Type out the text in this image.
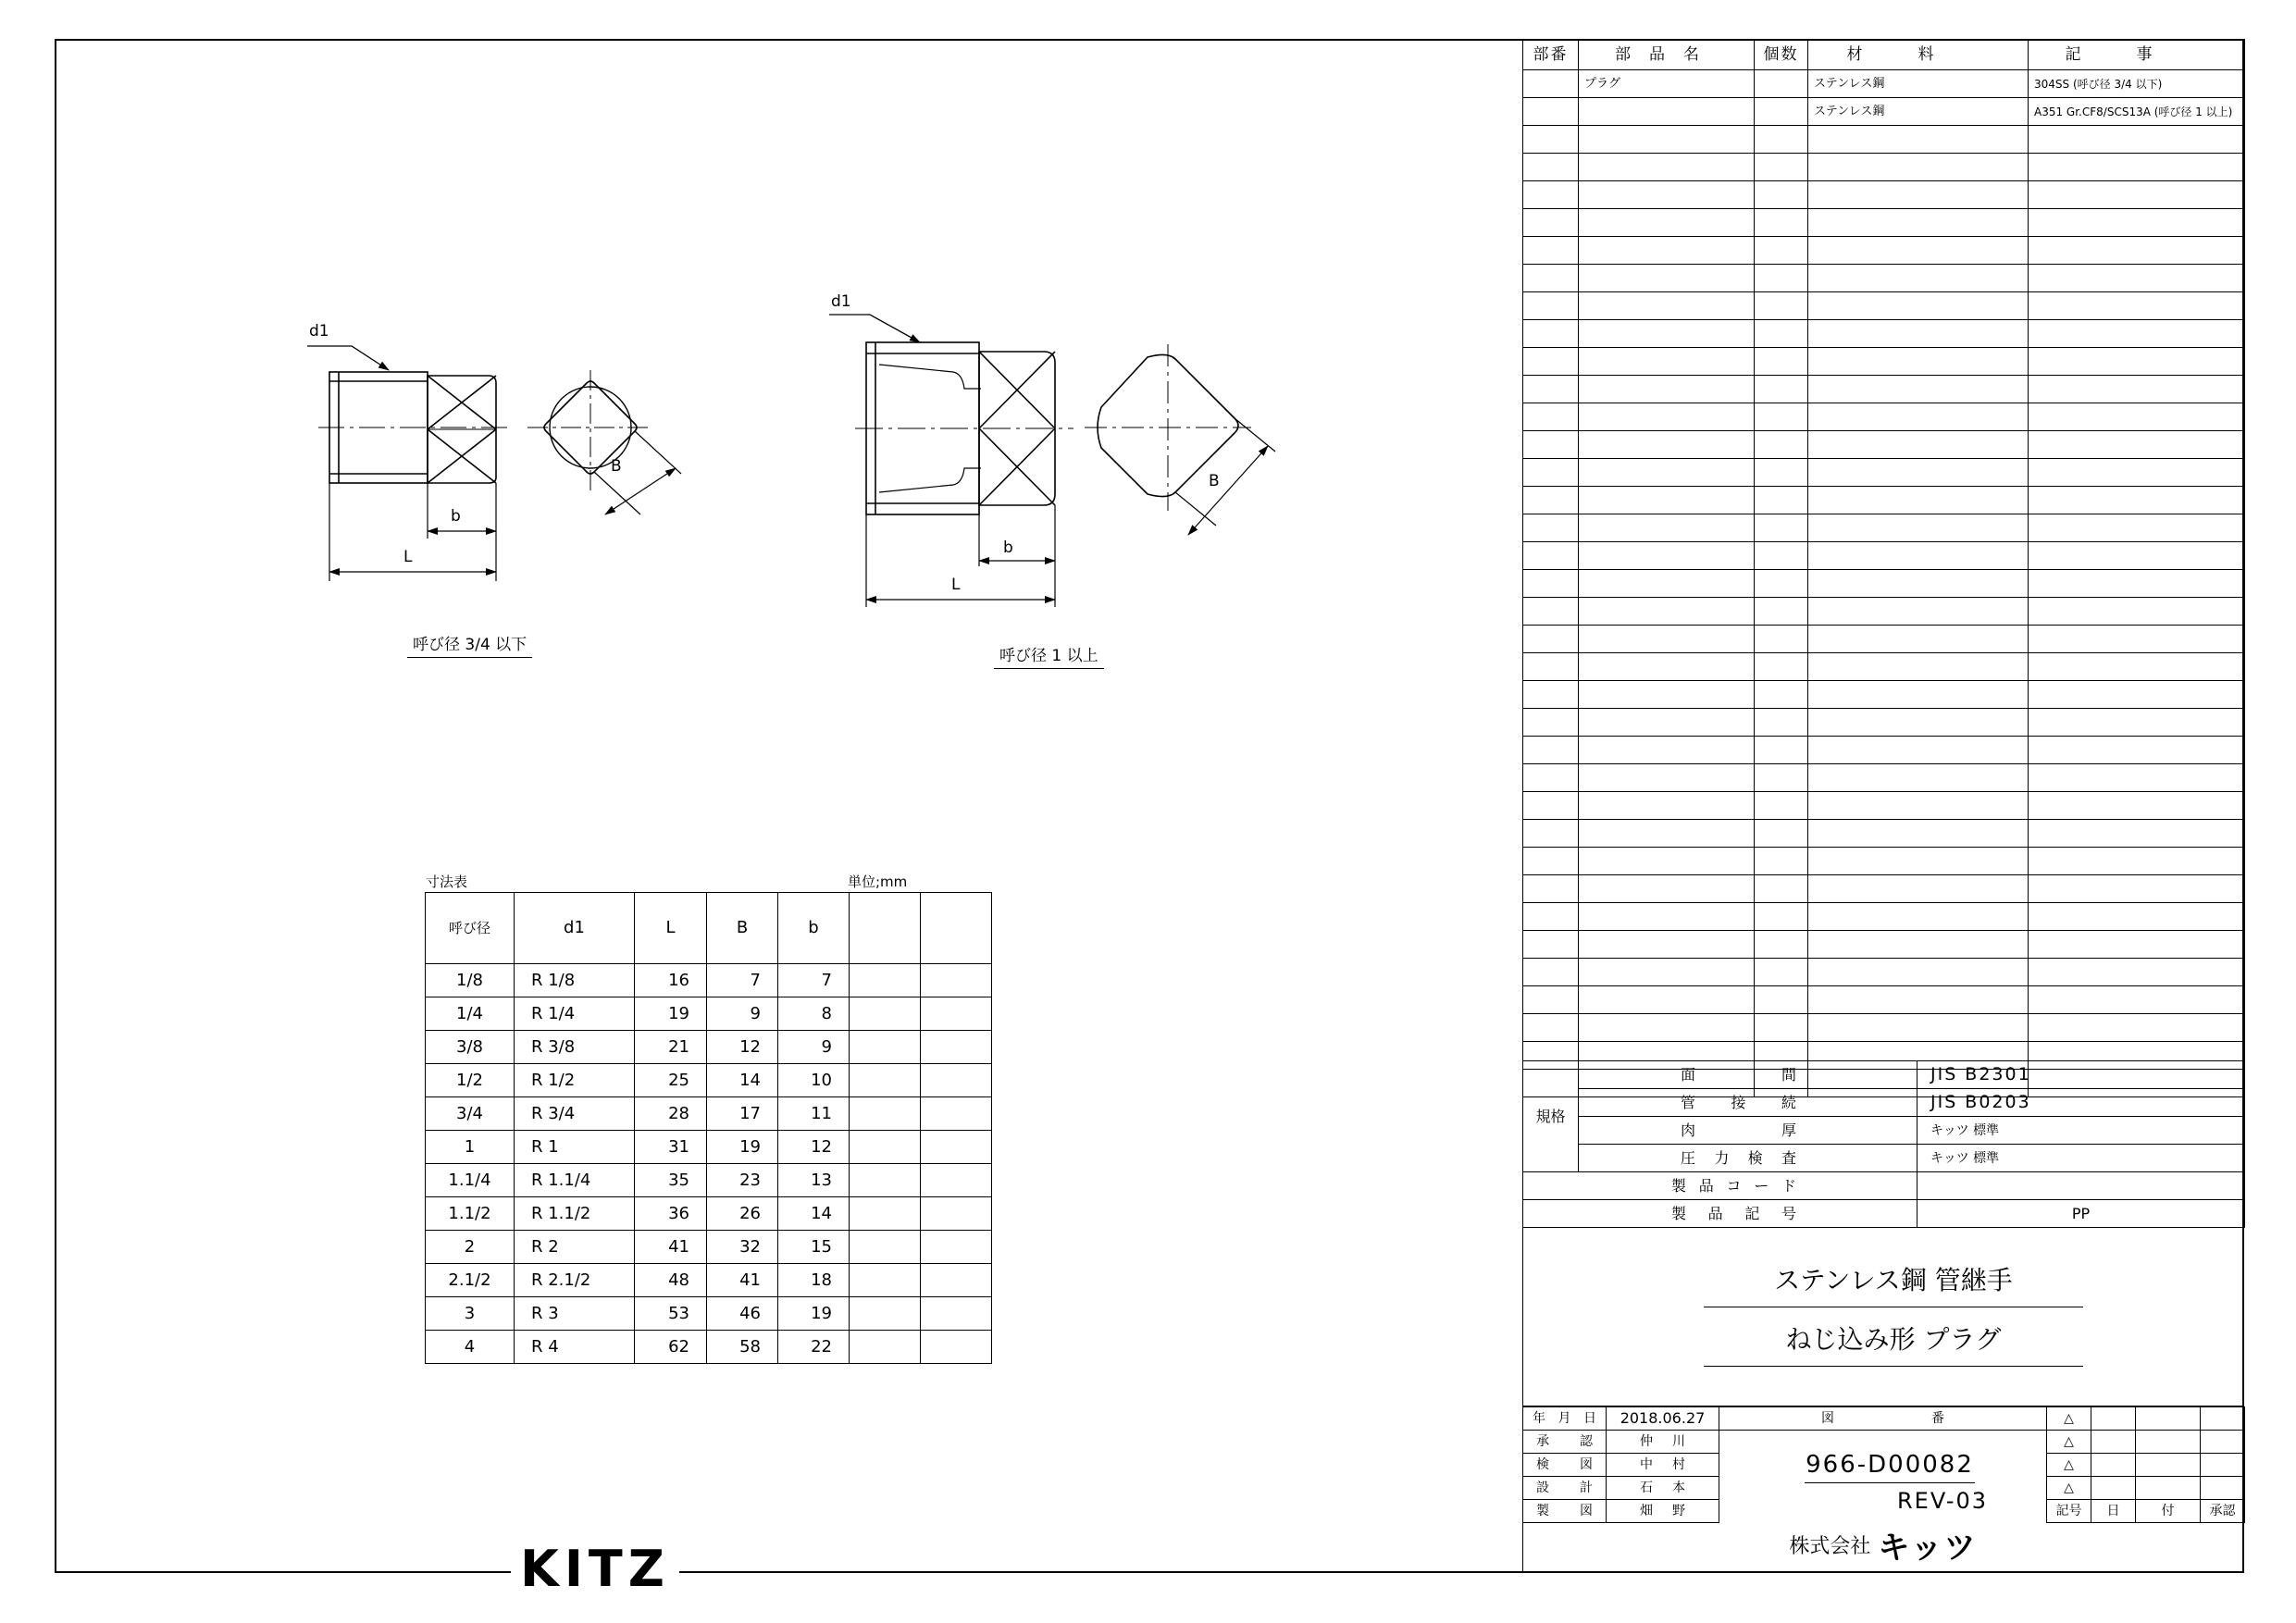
d1
b
L
B
呼び径 3/4 以下
d1
b
L
B
呼び径 1 以上
寸法表	単位;mm
呼び径	d1	L	B	b		
1/8	R 1/8	16	7	7		
1/4	R 1/4	19	9	8		
3/8	R 3/8	21	12	9		
1/2	R 1/2	25	14	10		
3/4	R 3/4	28	17	11		
1	R 1	31	19	12		
1.1/4	R 1.1/4	35	23	13		
1.1/2	R 1.1/2	36	26	14		
2	R 2	41	32	15		
2.1/2	R 2.1/2	48	41	18		
3	R 3	53	46	19		
4	R 4	62	58	22		
部番	部品名	個数	材料	記事
	プラグ		ステンレス鋼	304SS (呼び径 3/4 以下)
			ステンレス鋼	A351 Gr.CF8/SCS13A (呼び径 1 以上)

規格	面 間	JIS B2301

	管 接 続	JIS B0203

	肉 厚	キッツ 標準

	圧 力 検 査	キッツ 標準

製 品 コ ー ド		

製 品 記 号		PP
ステンレス鋼 管継手
ねじ込み形 プラグ
年 月 日	2018.06.27	図 番	△			

承 認	仲 川		△			

検 図	中 村		△			

設 計	石 本		△			

製 図	畑 野		記号	日	付	承認
966-D00082
REV-03
株式会社 キッツ
KITZ
